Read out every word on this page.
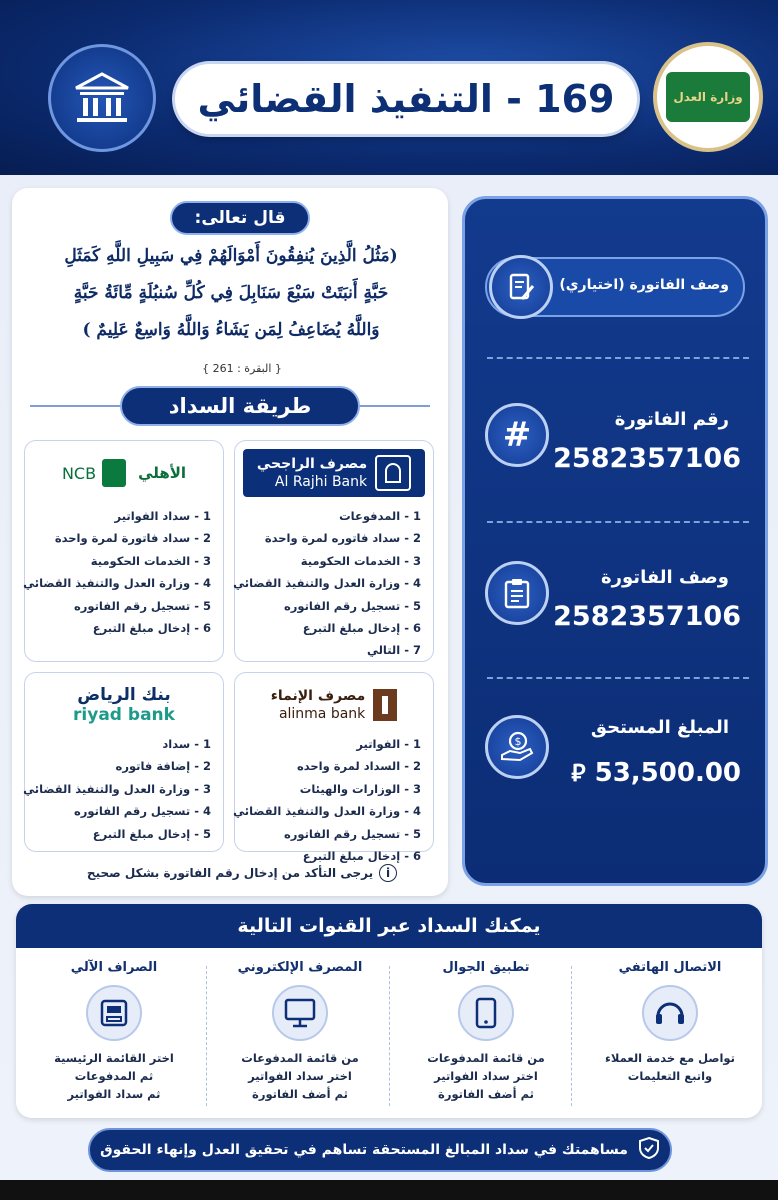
169 - التنفيذ القضائي	وزارة العدل
قال تعالى:
(مَثُلُ الَّذِينَ يُنفِقُونَ أَمْوَالَهُمْ فِي سَبِيلِ اللَّهِ كَمَثَلِ
حَبَّةٍ أَنبَتَتْ سَبْعَ سَنَابِلَ فِي كُلِّ سُنبُلَةٍ مِّائَةُ حَبَّةٍ
وَاللَّهُ يُضَاعِفُ لِمَن يَشَاءُ وَاللَّهُ وَاسِعٌ عَلِيمٌ )
{ البقرة : 261 }
طريقة السداد
مصرف الراجحي
Al Rajhi Bank
1 - المدفوعات
2 - سداد فاتوره لمرة واحدة
3 - الخدمات الحكومية
4 - وزارة العدل والتنفيذ القضائي
5 - تسجيل رقم الفاتوره
6 - إدخال مبلغ التبرع
7 - التالي
الأهلي
NCB
1 - سداد الفواتير
2 - سداد فاتورة لمرة واحدة
3 - الخدمات الحكومية
4 - وزارة العدل والتنفيذ القضائي
5 - تسجيل رقم الفاتوره
6 - إدخال مبلغ التبرع
مصرف الإنماء
alinma bank
1 - الفواتير
2 - السداد لمرة واحده
3 - الوزارات والهيئات
4 - وزارة العدل والتنفيذ القضائي
5 - تسجيل رقم الفاتوره
6 - إدخال مبلغ التبرع
بنك الرياض
riyad bank
1 - سداد
2 - إضافة فاتوره
3 - وزارة العدل والتنفيذ القضائي
4 - تسجيل رقم الفاتوره
5 - إدخال مبلغ التبرع
i
يرجى التأكد من إدخال رقم الفاتورة بشكل صحيح
وصف الفاتورة (اختياري)
#	رقم الفاتورة
2582357106
وصف الفاتورة
2582357106
$
المبلغ المستحق
⃁ 53,500.00
يمكنك السداد عبر القنوات التالية
الاتصال الهاتفي
تواصل مع خدمة العملاء
واتبع التعليمات
تطبيق الجوال
من قائمة المدفوعات
اختر سداد الفواتير
ثم أضف الفاتورة
المصرف الإلكتروني
من قائمة المدفوعات
اختر سداد الفواتير
ثم أضف الفاتورة
الصراف الآلي
اختر القائمة الرئيسية
ثم المدفوعات
ثم سداد الفواتير
مساهمتك في سداد المبالغ المستحقة تساهم في تحقيق العدل وإنهاء الحقوق
